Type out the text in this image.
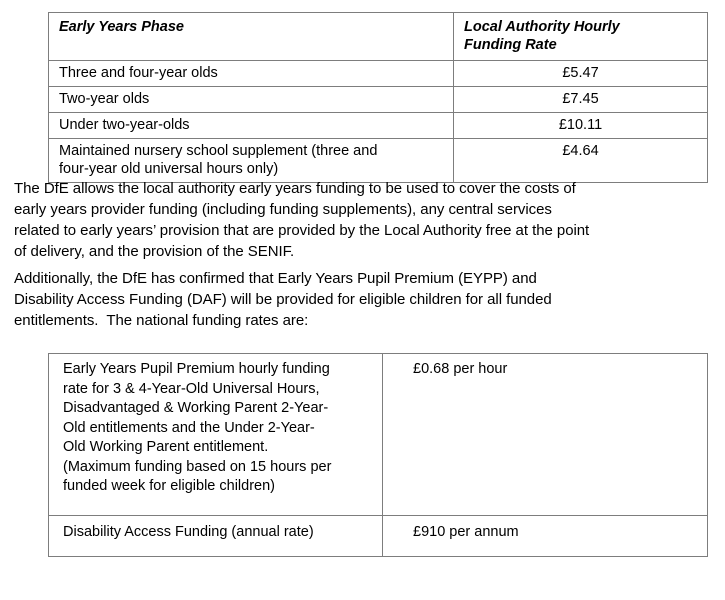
Early Years Phase	Local Authority Hourly
Funding Rate

Three and four-year olds	£5.47
Two-year olds	£7.45
Under two-year-olds	£10.11

Maintained nursery school supplement (three and
four-year old universal hours only)	£4.64
The DfE allows the local authority early years funding to be used to cover the costs of
early years provider funding (including funding supplements), any central services
related to early years’ provision that are provided by the Local Authority free at the point
of delivery, and the provision of the SENIF.
Additionally, the DfE has confirmed that Early Years Pupil Premium (EYPP) and
Disability Access Funding (DAF) will be provided for eligible children for all funded
entitlements.  The national funding rates are:
Early Years Pupil Premium hourly funding
rate for 3 & 4-Year-Old Universal Hours,
Disadvantaged & Working Parent 2-Year-
Old entitlements and the Under 2-Year-
Old Working Parent entitlement.
(Maximum funding based on 15 hours per
funded week for eligible children)
	£0.68 per hour
Disability Access Funding (annual rate)	£910 per annum
